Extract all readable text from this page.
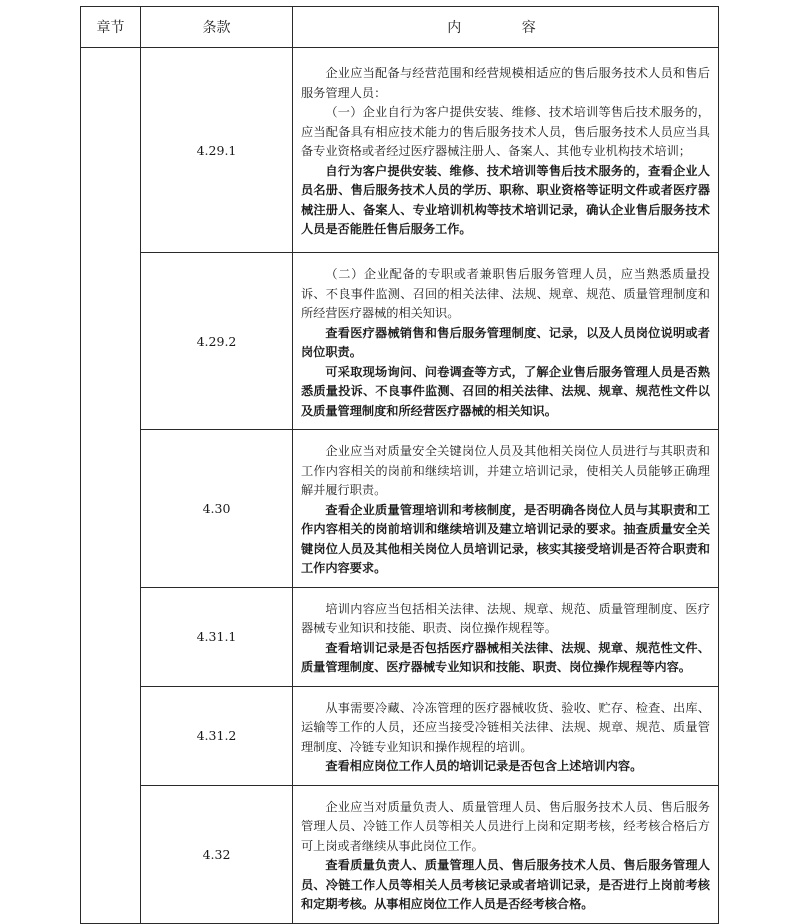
章节	条款	内 容
	4.29.1	企业应当配备与经营范围和经营规模相适应的售后服务技术人员和售后服务管理人员：

（一）企业自行为客户提供安装、维修、技术培训等售后技术服务的，应当配备具有相应技术能力的售后服务技术人员，售后服务技术人员应当具备专业资格或者经过医疗器械注册人、备案人、其他专业机构技术培训；

自行为客户提供安装、维修、技术培训等售后技术服务的，查看企业人员名册、售后服务技术人员的学历、职称、职业资格等证明文件或者医疗器械注册人、备案人、专业培训机构等技术培训记录，确认企业售后服务技术人员是否能胜任售后服务工作。

	4.29.2	（二）企业配备的专职或者兼职售后服务管理人员，应当熟悉质量投诉、不良事件监测、召回的相关法律、法规、规章、规范、质量管理制度和所经营医疗器械的相关知识。

查看医疗器械销售和售后服务管理制度、记录，以及人员岗位说明或者岗位职责。

可采取现场询问、问卷调查等方式，了解企业售后服务管理人员是否熟悉质量投诉、不良事件监测、召回的相关法律、法规、规章、规范性文件以及质量管理制度和所经营医疗器械的相关知识。

	4.30	企业应当对质量安全关键岗位人员及其他相关岗位人员进行与其职责和工作内容相关的岗前和继续培训，并建立培训记录，使相关人员能够正确理解并履行职责。

查看企业质量管理培训和考核制度，是否明确各岗位人员与其职责和工作内容相关的岗前培训和继续培训及建立培训记录的要求。抽查质量安全关键岗位人员及其他相关岗位人员培训记录，核实其接受培训是否符合职责和工作内容要求。

	4.31.1	培训内容应当包括相关法律、法规、规章、规范、质量管理制度、医疗器械专业知识和技能、职责、岗位操作规程等。

查看培训记录是否包括医疗器械相关法律、法规、规章、规范性文件、质量管理制度、医疗器械专业知识和技能、职责、岗位操作规程等内容。

	4.31.2	从事需要冷藏、冷冻管理的医疗器械收货、验收、贮存、检查、出库、运输等工作的人员，还应当接受冷链相关法律、法规、规章、规范、质量管理制度、冷链专业知识和操作规程的培训。

查看相应岗位工作人员的培训记录是否包含上述培训内容。

	4.32	企业应当对质量负责人、质量管理人员、售后服务技术人员、售后服务管理人员、冷链工作人员等相关人员进行上岗和定期考核，经考核合格后方可上岗或者继续从事此岗位工作。

查看质量负责人、质量管理人员、售后服务技术人员、售后服务管理人员、冷链工作人员等相关人员考核记录或者培训记录，是否进行上岗前考核和定期考核。从事相应岗位工作人员是否经考核合格。
